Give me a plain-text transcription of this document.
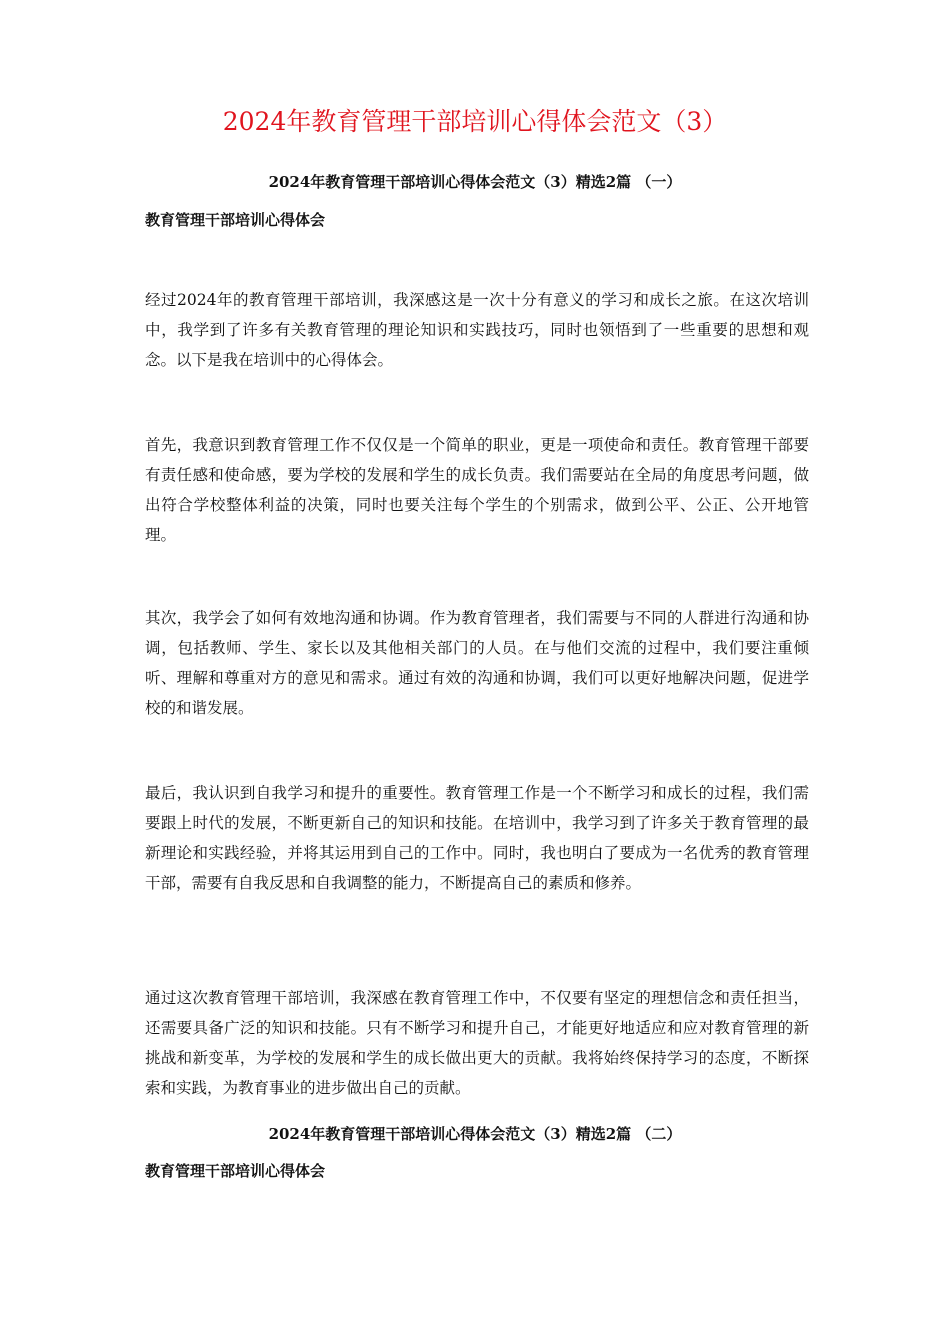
2024年教育管理干部培训心得体会范文（3）
2024年教育管理干部培训心得体会范文（3）精选2篇 （一）
教育管理干部培训心得体会

经过2024年的教育管理干部培训，我深感这是一次十分有意义的学习和成长之旅。在这次培训中，我学到了许多有关教育管理的理论知识和实践技巧，同时也领悟到了一些重要的思想和观念。以下是我在培训中的心得体会。

首先，我意识到教育管理工作不仅仅是一个简单的职业，更是一项使命和责任。教育管理干部要有责任感和使命感，要为学校的发展和学生的成长负责。我们需要站在全局的角度思考问题，做出符合学校整体利益的决策，同时也要关注每个学生的个别需求，做到公平、公正、公开地管理。

其次，我学会了如何有效地沟通和协调。作为教育管理者，我们需要与不同的人群进行沟通和协调，包括教师、学生、家长以及其他相关部门的人员。在与他们交流的过程中，我们要注重倾听、理解和尊重对方的意见和需求。通过有效的沟通和协调，我们可以更好地解决问题，促进学校的和谐发展。

最后，我认识到自我学习和提升的重要性。教育管理工作是一个不断学习和成长的过程，我们需要跟上时代的发展，不断更新自己的知识和技能。在培训中，我学习到了许多关于教育管理的最新理论和实践经验，并将其运用到自己的工作中。同时，我也明白了要成为一名优秀的教育管理干部，需要有自我反思和自我调整的能力，不断提高自己的素质和修养。

通过这次教育管理干部培训，我深感在教育管理工作中，不仅要有坚定的理想信念和责任担当，还需要具备广泛的知识和技能。只有不断学习和提升自己，才能更好地适应和应对教育管理的新挑战和新变革，为学校的发展和学生的成长做出更大的贡献。我将始终保持学习的态度，不断探索和实践，为教育事业的进步做出自己的贡献。

2024年教育管理干部培训心得体会范文（3）精选2篇 （二）
教育管理干部培训心得体会
